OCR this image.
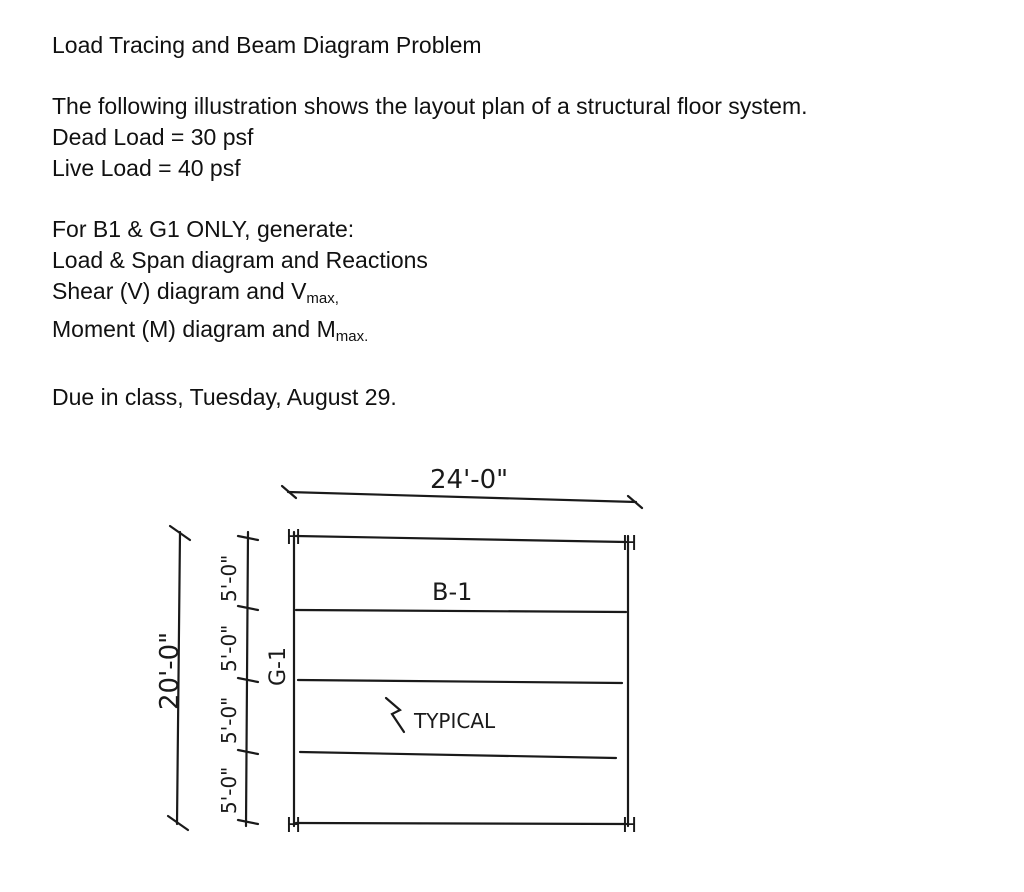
Load Tracing and Beam Diagram Problem

The following illustration shows the layout plan of a structural floor system.

Dead Load = 30 psf

Live Load = 40 psf

For B1 & G1 ONLY, generate:

Load & Span diagram and Reactions

Shear (V) diagram and $V_{max,}$

Moment (M) diagram and $M_{max.}$

Due in class, Tuesday, August 29.

24'-0"
B-1
TYPICAL
20'-0"	G-1
5'-0"
5'-0"
5'-0"
5'-0"
H	H
H	H
